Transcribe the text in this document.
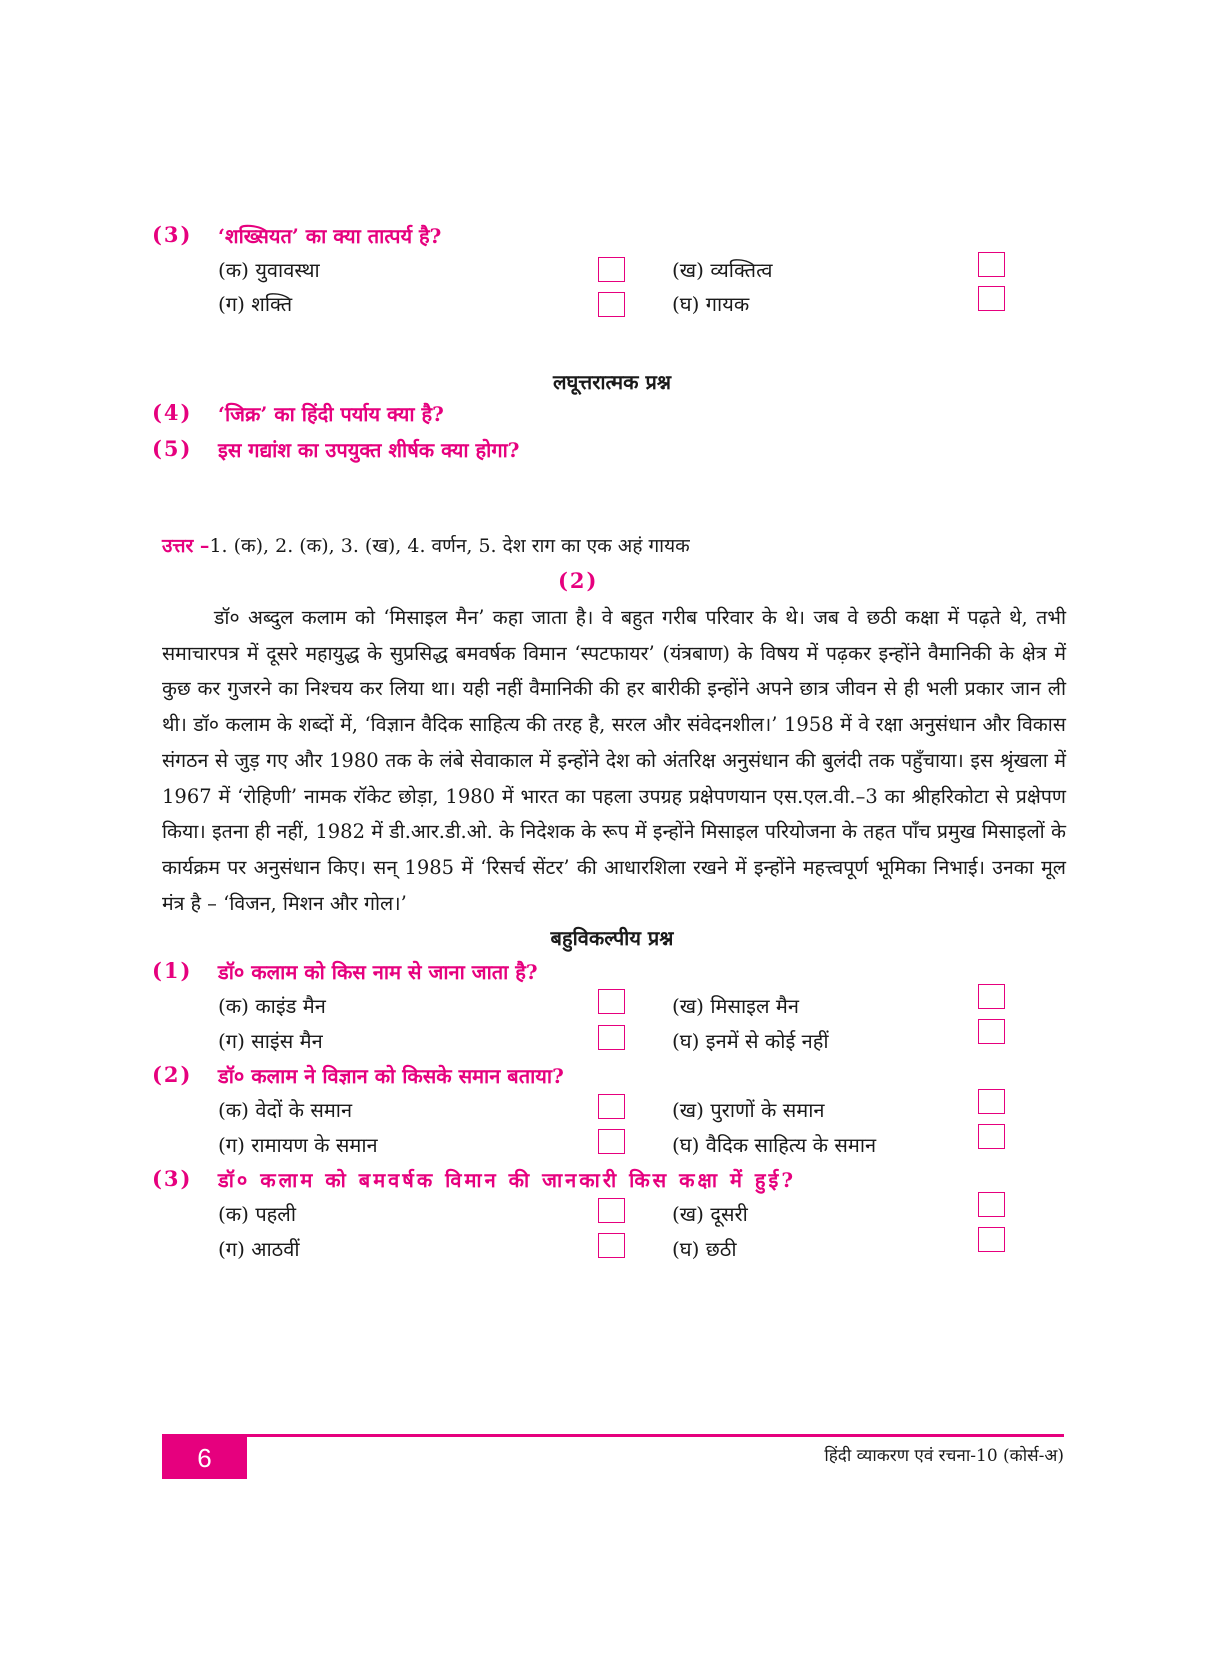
(3) ‘शख्सियत’ का क्या तात्पर्य है?
(क) युवावस्था	(ख) व्यक्तित्व
(ग) शक्ति	(घ) गायक
लघूत्तरात्मक प्रश्न
(4) ‘जिक्र’ का हिंदी पर्याय क्या है?
(5) इस गद्यांश का उपयुक्त शीर्षक क्या होगा?
उत्तर –1. (क), 2. (क), 3. (ख), 4. वर्णन, 5. देश राग का एक अहं गायक
(2)

डॉ० अब्दुल कलाम को ‘मिसाइल मैन’ कहा जाता है। वे बहुत गरीब परिवार के थे। जब वे छठी कक्षा में पढ़ते थे, तभी समाचारपत्र में दूसरे महायुद्ध के सुप्रसिद्ध बमवर्षक विमान ‘स्पटफायर’ (यंत्रबाण) के विषय में पढ़कर इन्होंने वैमानिकी के क्षेत्र में कुछ कर गुजरने का निश्चय कर लिया था। यही नहीं वैमानिकी की हर बारीकी इन्होंने अपने छात्र जीवन से ही भली प्रकार जान ली थी। डॉ० कलाम के शब्दों में, ‘विज्ञान वैदिक साहित्य की तरह है, सरल और संवेदनशील।’ 1958 में वे रक्षा अनुसंधान और विकास संगठन से जुड़ गए और 1980 तक के लंबे सेवाकाल में इन्होंने देश को अंतरिक्ष अनुसंधान की बुलंदी तक पहुँचाया। इस श्रृंखला में 1967 में ‘रोहिणी’ नामक रॉकेट छोड़ा, 1980 में भारत का पहला उपग्रह प्रक्षेपणयान एस.एल.वी.–3 का श्रीहरिकोटा से प्रक्षेपण किया। इतना ही नहीं, 1982 में डी.आर.डी.ओ. के निदेशक के रूप में इन्होंने मिसाइल परियोजना के तहत पाँच प्रमुख मिसाइलों के कार्यक्रम पर अनुसंधान किए। सन् 1985 में ‘रिसर्च सेंटर’ की आधारशिला रखने में इन्होंने महत्त्वपूर्ण भूमिका निभाई। उनका मूल मंत्र है – ‘विजन, मिशन और गोल।’

बहुविकल्पीय प्रश्न
(1) डॉ० कलाम को किस नाम से जाना जाता है?
(क) काइंड मैन	(ख) मिसाइल मैन
(ग) साइंस मैन	(घ) इनमें से कोई नहीं
(2) डॉ० कलाम ने विज्ञान को किसके समान बताया?
(क) वेदों के समान	(ख) पुराणों के समान
(ग) रामायण के समान	(घ) वैदिक साहित्य के समान
(3) डॉ० कलाम को बमवर्षक विमान की जानकारी किस कक्षा में हुई?
(क) पहली	(ख) दूसरी
(ग) आठवीं	(घ) छठी
6	हिंदी व्याकरण एवं रचना-10 (कोर्स-अ)
